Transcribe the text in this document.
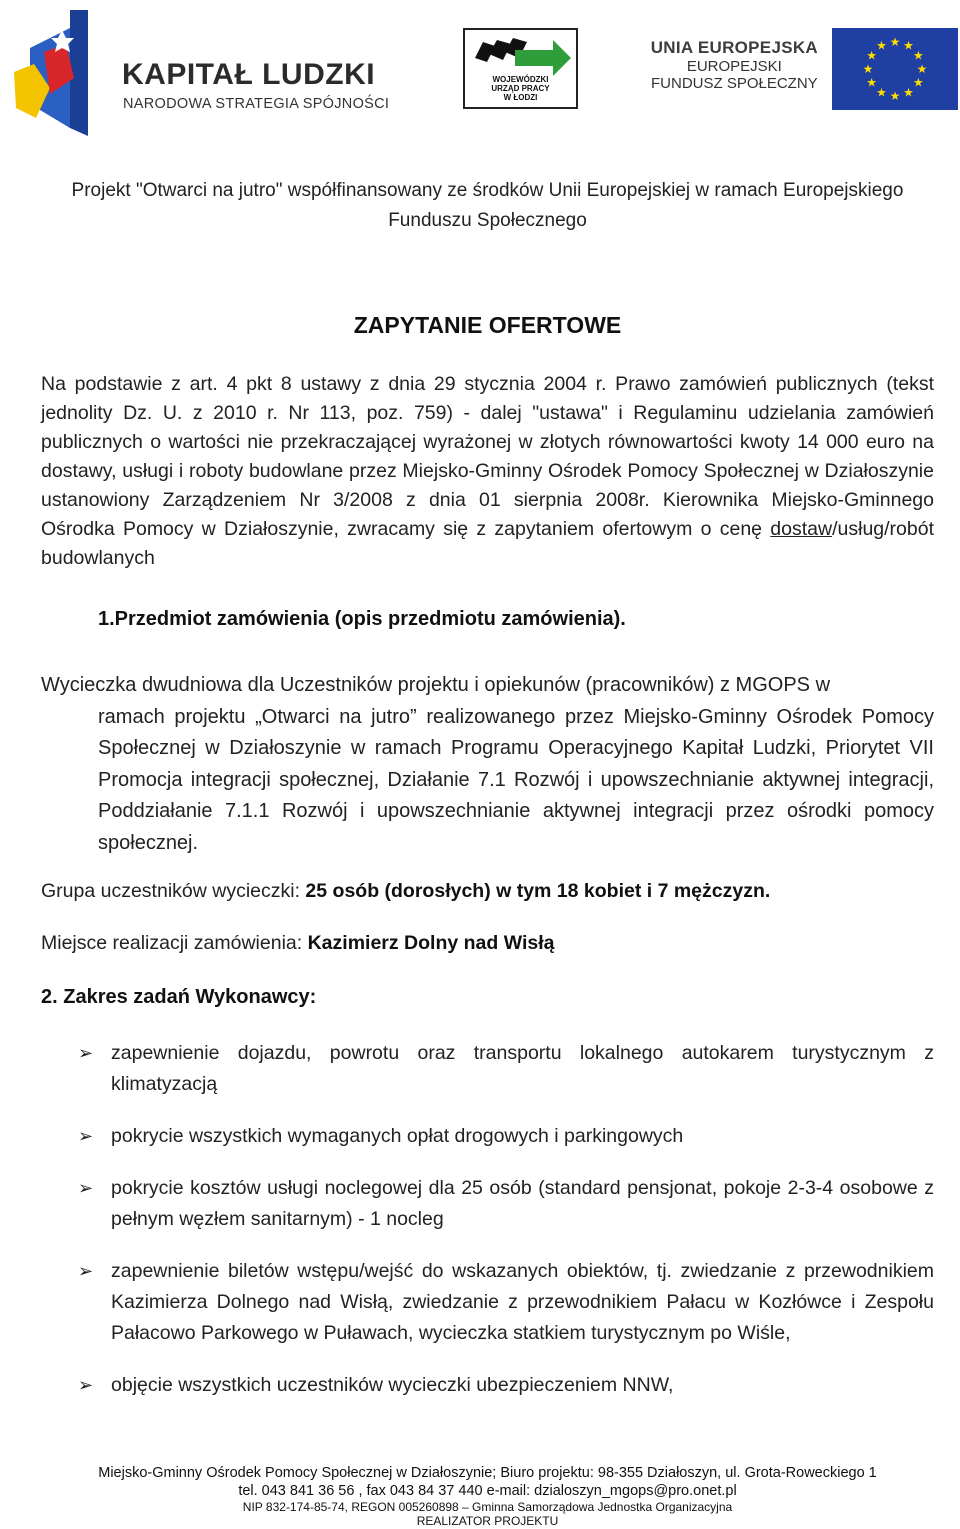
KAPITAŁ LUDZKI
NARODOWA STRATEGIA SPÓJNOŚCI
WOJEWÓDZKI
URZĄD PRACY
W ŁODZI
UNIA EUROPEJSKA
EUROPEJSKI
FUNDUSZ SPOŁECZNY
★ ★
★
★
★
★
★
★
★
★
★
★
Projekt "Otwarci na jutro" współfinansowany ze środków Unii Europejskiej w ramach Europejskiego
Funduszu Społecznego
ZAPYTANIE OFERTOWE
Na podstawie z art. 4 pkt 8 ustawy z dnia 29 stycznia 2004 r. Prawo zamówień publicznych (tekst jednolity Dz. U. z 2010 r. Nr 113, poz. 759) - dalej "ustawa" i Regulaminu udzielania zamówień publicznych o wartości nie przekraczającej wyrażonej w złotych równowartości kwoty 14 000 euro na dostawy, usługi i roboty budowlane przez Miejsko-Gminny Ośrodek Pomocy Społecznej w Działoszynie ustanowiony Zarządzeniem Nr 3/2008 z dnia 01 sierpnia 2008r. Kierownika Miejsko-Gminnego Ośrodka Pomocy w Działoszynie, zwracamy się z zapytaniem ofertowym o cenę dostaw/usług/robót budowlanych
1.Przedmiot zamówienia (opis przedmiotu zamówienia).
Wycieczka dwudniowa dla Uczestników projektu i opiekunów (pracowników) z MGOPS w
ramach projektu „Otwarci na jutro” realizowanego przez Miejsko-Gminny Ośrodek Pomocy Społecznej w Działoszynie w ramach Programu Operacyjnego Kapitał Ludzki, Priorytet VII Promocja integracji społecznej, Działanie 7.1 Rozwój i upowszechnianie aktywnej integracji, Poddziałanie 7.1.1 Rozwój i upowszechnianie aktywnej integracji przez ośrodki pomocy społecznej.
Grupa uczestników wycieczki: 25 osób (dorosłych) w tym 18 kobiet i 7 mężczyzn.
Miejsce realizacji zamówienia: Kazimierz Dolny nad Wisłą
2. Zakres zadań Wykonawcy:
➢ zapewnienie dojazdu, powrotu oraz transportu lokalnego autokarem turystycznym z klimatyzacją
➢ pokrycie wszystkich wymaganych opłat drogowych i parkingowych
➢ pokrycie kosztów usługi noclegowej dla 25 osób (standard pensjonat, pokoje 2-3-4 osobowe z pełnym węzłem sanitarnym) - 1 nocleg
➢ zapewnienie biletów wstępu/wejść do wskazanych obiektów, tj. zwiedzanie z przewodnikiem Kazimierza Dolnego nad Wisłą, zwiedzanie z przewodnikiem Pałacu w Kozłówce i Zespołu Pałacowo Parkowego w Puławach, wycieczka statkiem turystycznym po Wiśle,
➢ objęcie wszystkich uczestników wycieczki ubezpieczeniem NNW,
Miejsko-Gminny Ośrodek Pomocy Społecznej w Działoszynie; Biuro projektu: 98-355 Działoszyn, ul. Grota-Roweckiego 1
tel. 043 841 36 56 , fax 043 84 37 440 e-mail: dzialoszyn_mgops@pro.onet.pl
NIP 832-174-85-74, REGON 005260898 – Gminna Samorządowa Jednostka Organizacyjna
REALIZATOR PROJEKTU
